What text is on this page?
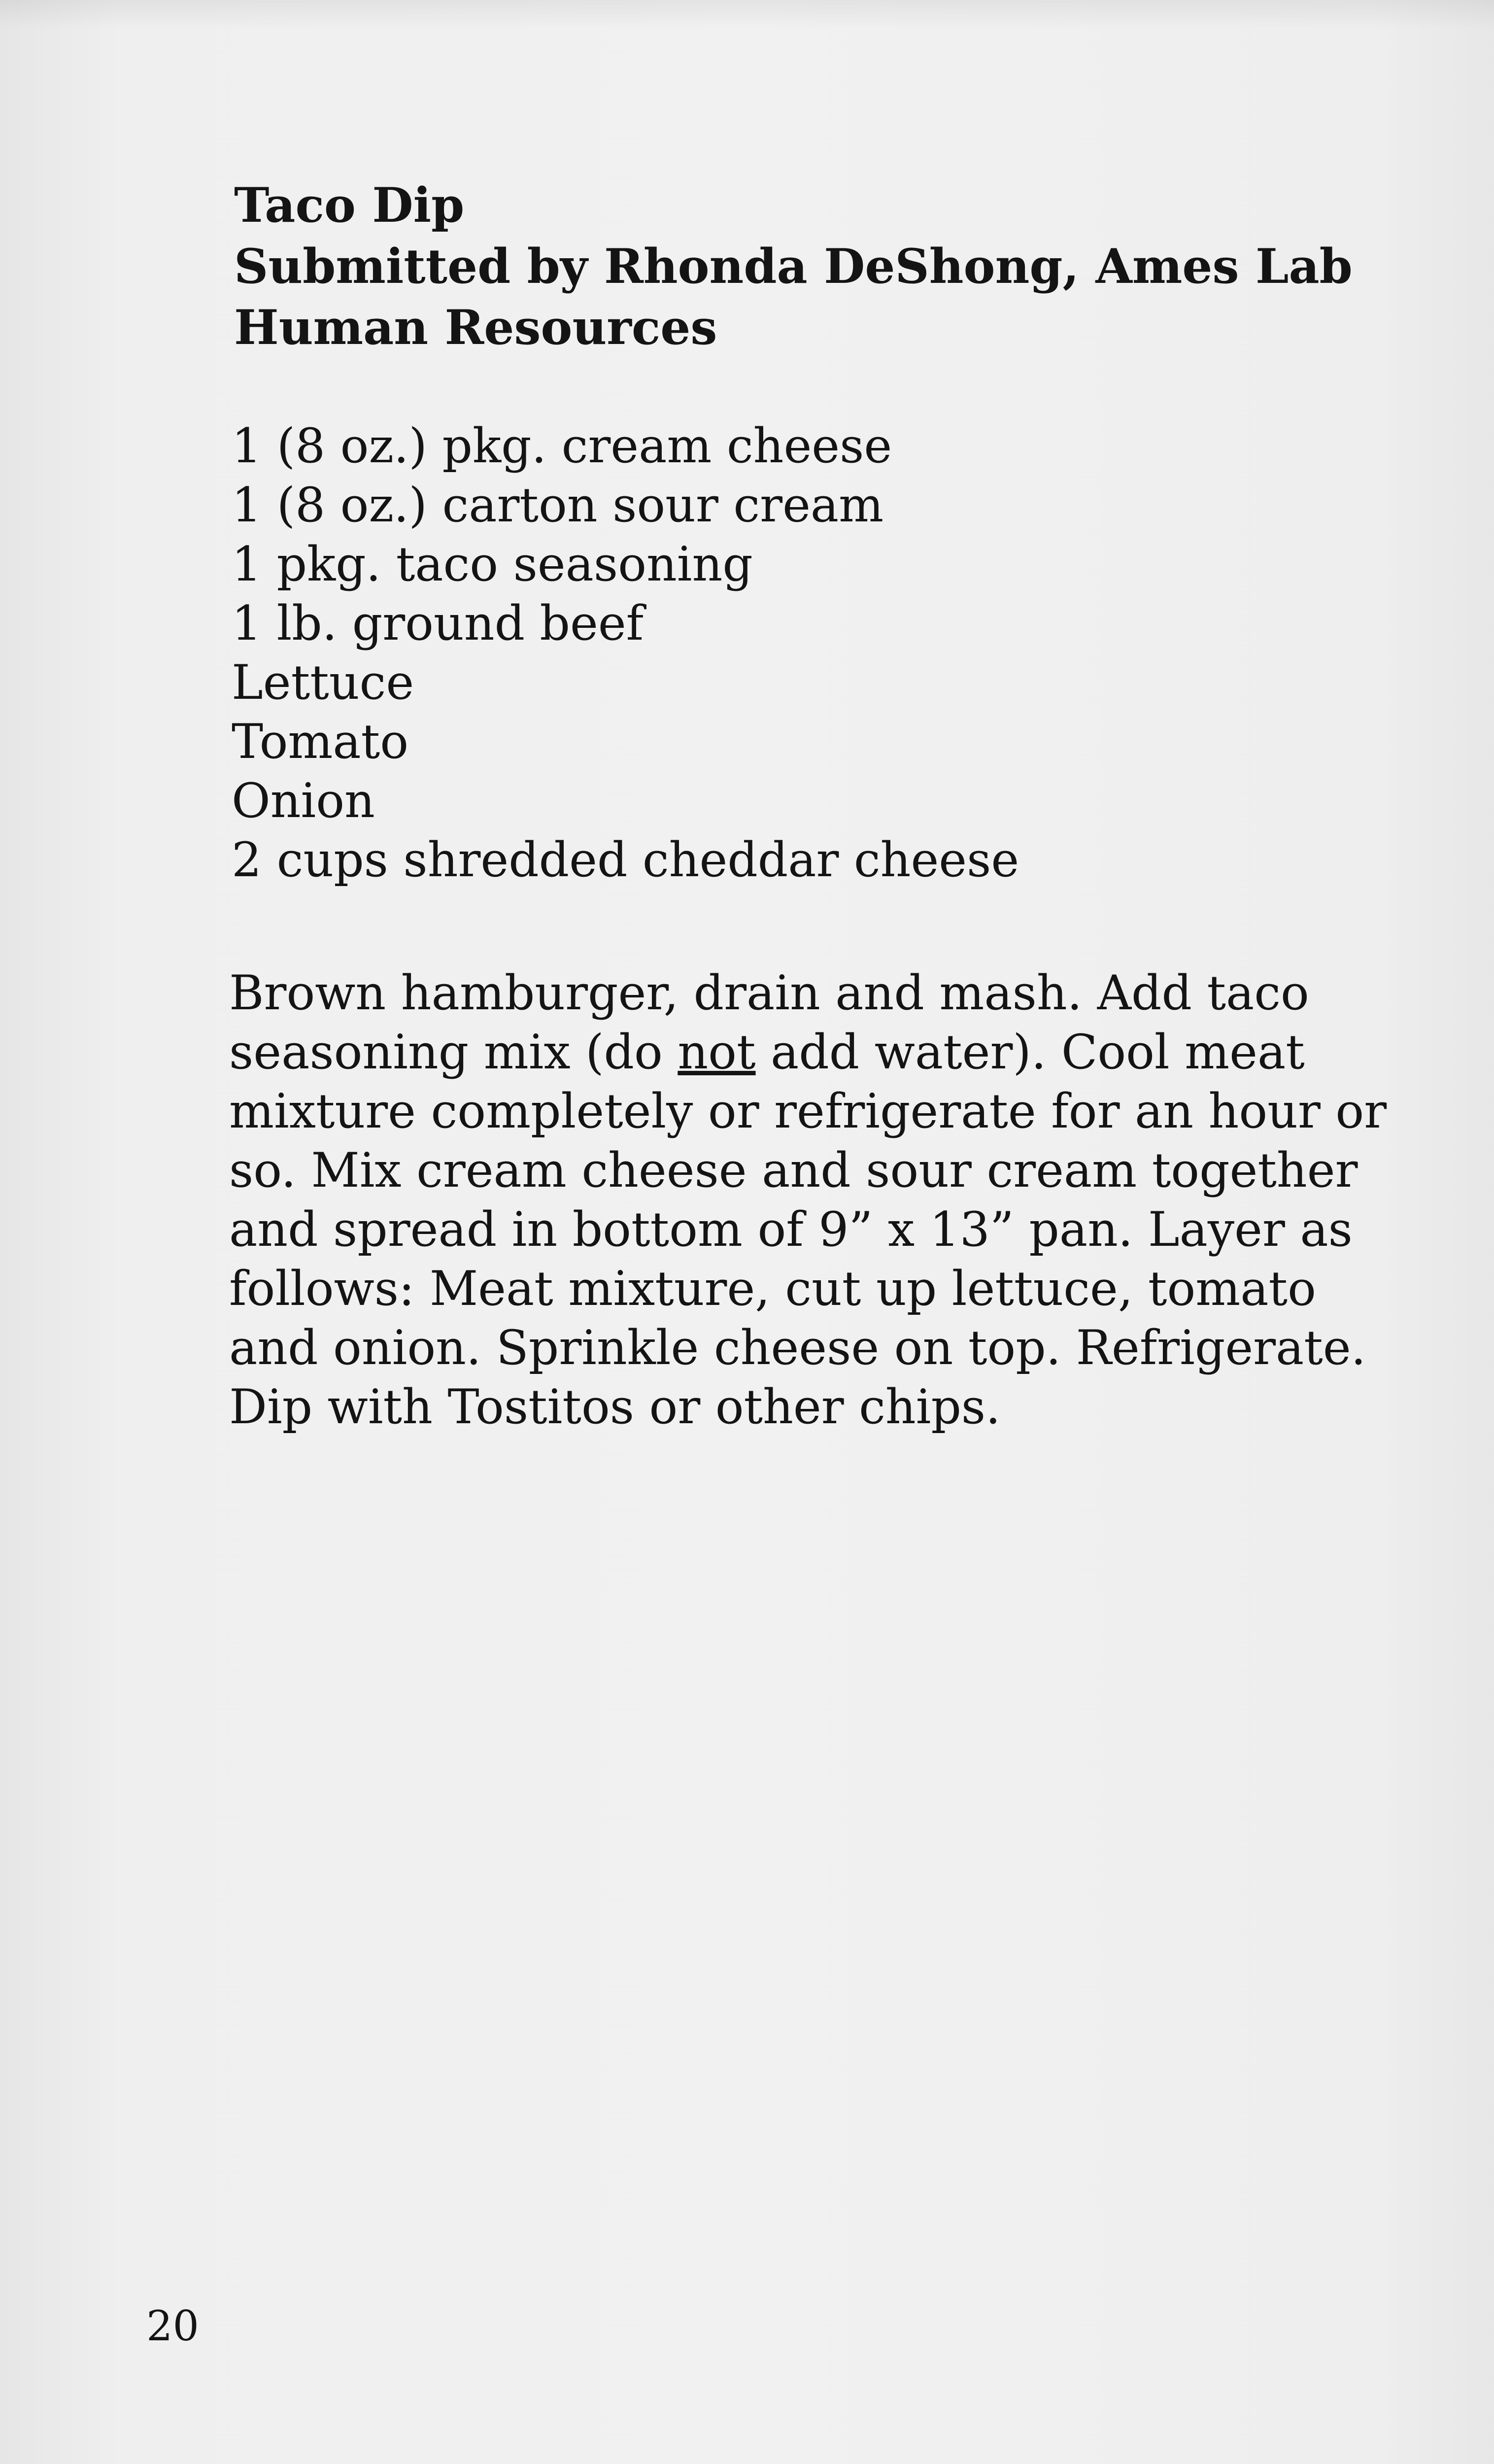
Taco Dip
Submitted by Rhonda DeShong, Ames Lab
Human Resources
1 (8 oz.) pkg. cream cheese
1 (8 oz.) carton sour cream
1 pkg. taco seasoning
1 lb. ground beef
Lettuce
Tomato
Onion
2 cups shredded cheddar cheese
Brown hamburger, drain and mash. Add taco
seasoning mix (do not add water). Cool meat
mixture completely or refrigerate for an hour or
so. Mix cream cheese and sour cream together
and spread in bottom of 9” x 13” pan. Layer as
follows: Meat mixture, cut up lettuce, tomato
and onion. Sprinkle cheese on top. Refrigerate.
Dip with Tostitos or other chips.
20
